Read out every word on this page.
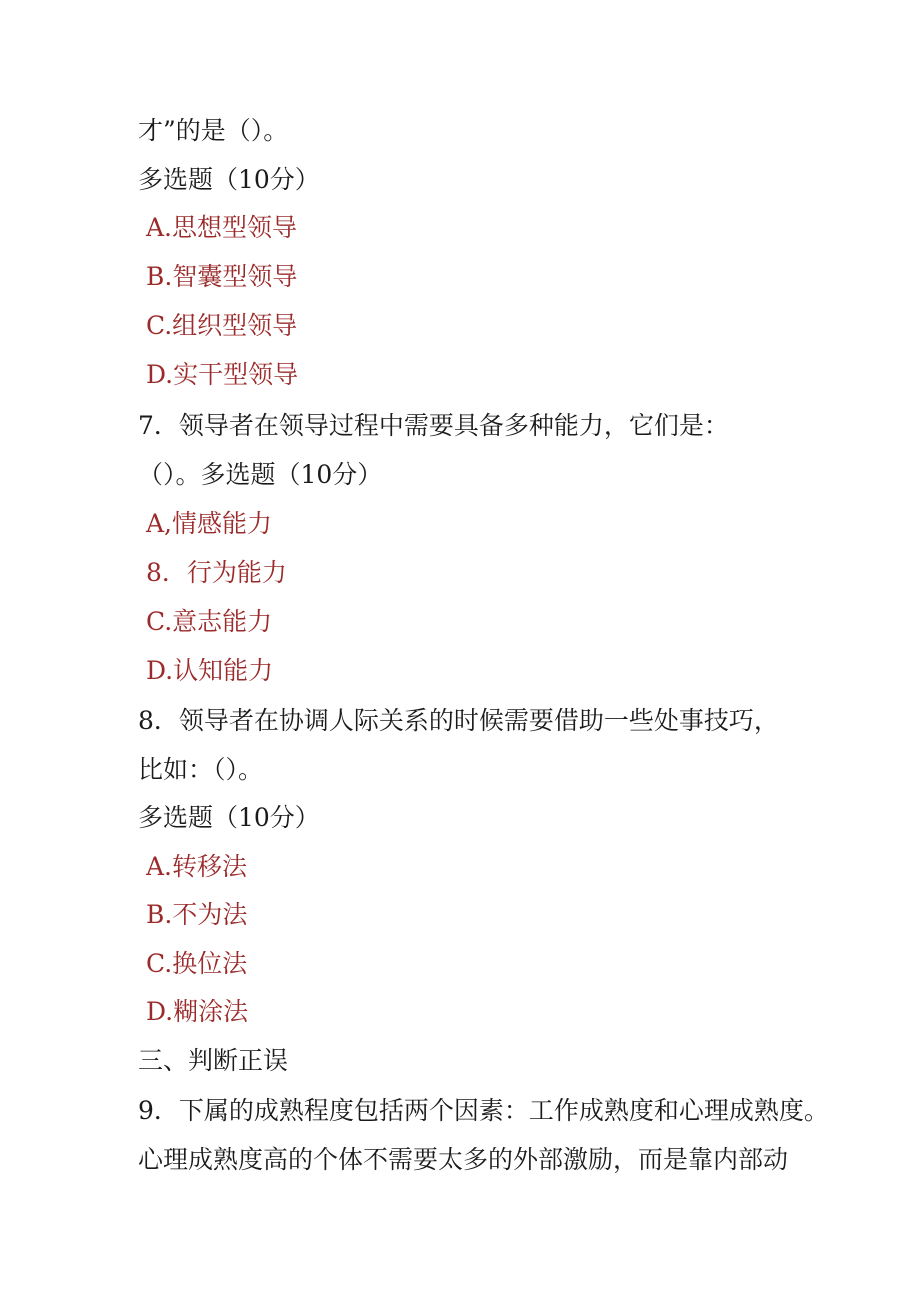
才”的是（）。
多选题（10分）
A.思想型领导
B.智囊型领导
C.组织型领导
D.实干型领导
7．领导者在领导过程中需要具备多种能力，它们是：
（）。多选题（10分）
A,情感能力
8．行为能力
C.意志能力
D.认知能力
8．领导者在协调人际关系的时候需要借助一些处事技巧，
比如：（）。
多选题（10分）
A.转移法
B.不为法
C.换位法
D.糊涂法
三、判断正误
9．下属的成熟程度包括两个因素：工作成熟度和心理成熟度。
心理成熟度高的个体不需要太多的外部激励，而是靠内部动
